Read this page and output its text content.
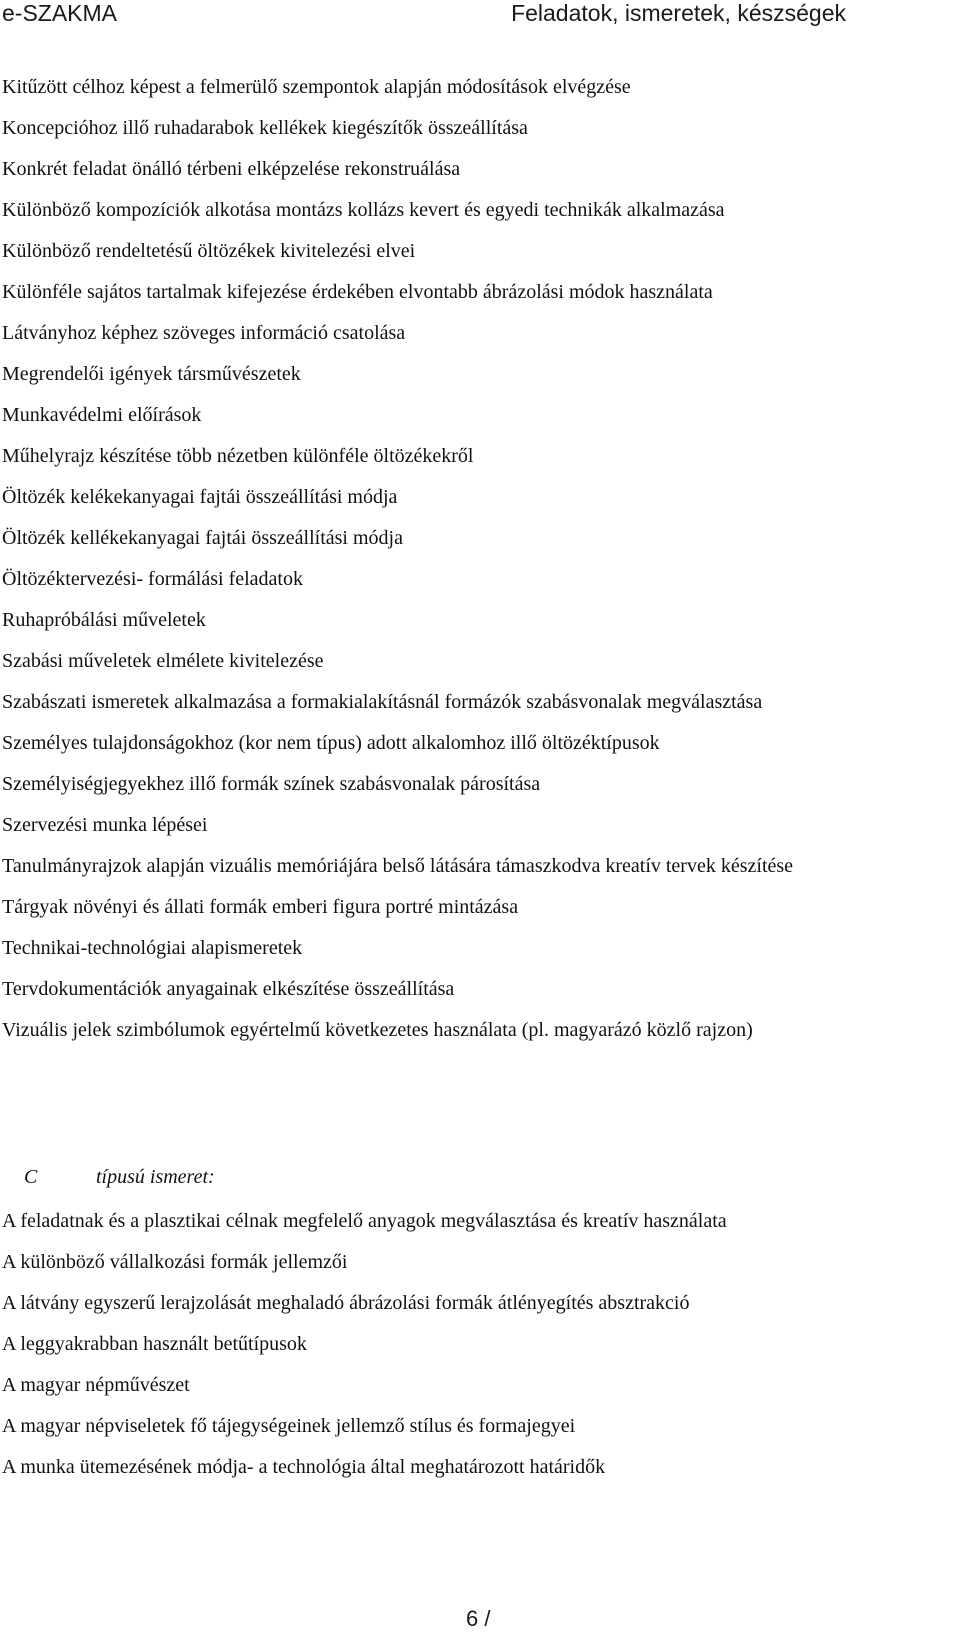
e-SZAKMA	Feladatok, ismeretek, készségek
Kitűzött célhoz képest a felmerülő szempontok alapján módosítások elvégzése
Koncepcióhoz illő ruhadarabok kellékek kiegészítők összeállítása
Konkrét feladat önálló térbeni elképzelése rekonstruálása
Különböző kompozíciók alkotása montázs kollázs kevert és egyedi technikák alkalmazása
Különböző rendeltetésű öltözékek kivitelezési elvei
Különféle sajátos tartalmak kifejezése érdekében elvontabb ábrázolási módok használata
Látványhoz képhez szöveges információ csatolása
Megrendelői igények társművészetek
Munkavédelmi előírások
Műhelyrajz készítése több nézetben különféle öltözékekről
Öltözék kelékekanyagai fajtái összeállítási módja
Öltözék kellékekanyagai fajtái összeállítási módja
Öltözéktervezési- formálási feladatok
Ruhapróbálási műveletek
Szabási műveletek elmélete kivitelezése
Szabászati ismeretek alkalmazása a formakialakításnál formázók szabásvonalak megválasztása
Személyes tulajdonságokhoz (kor nem típus) adott alkalomhoz illő öltözéktípusok
Személyiségjegyekhez illő formák színek szabásvonalak párosítása
Szervezési munka lépései
Tanulmányrajzok alapján vizuális memóriájára belső látására támaszkodva kreatív tervek készítése
Tárgyak növényi és állati formák emberi figura portré mintázása
Technikai-technológiai alapismeretek
Tervdokumentációk anyagainak elkészítése összeállítása
Vizuális jelek szimbólumok egyértelmű következetes használata (pl. magyarázó közlő rajzon)
C	típusú ismeret:
A feladatnak és a plasztikai célnak megfelelő anyagok megválasztása és kreatív használata
A különböző vállalkozási formák jellemzői
A látvány egyszerű lerajzolását meghaladó ábrázolási formák átlényegítés absztrakció
A leggyakrabban használt betűtípusok
A magyar népművészet
A magyar népviseletek fő tájegységeinek jellemző stílus és formajegyei
A munka ütemezésének módja- a technológia által meghatározott határidők
6 /
